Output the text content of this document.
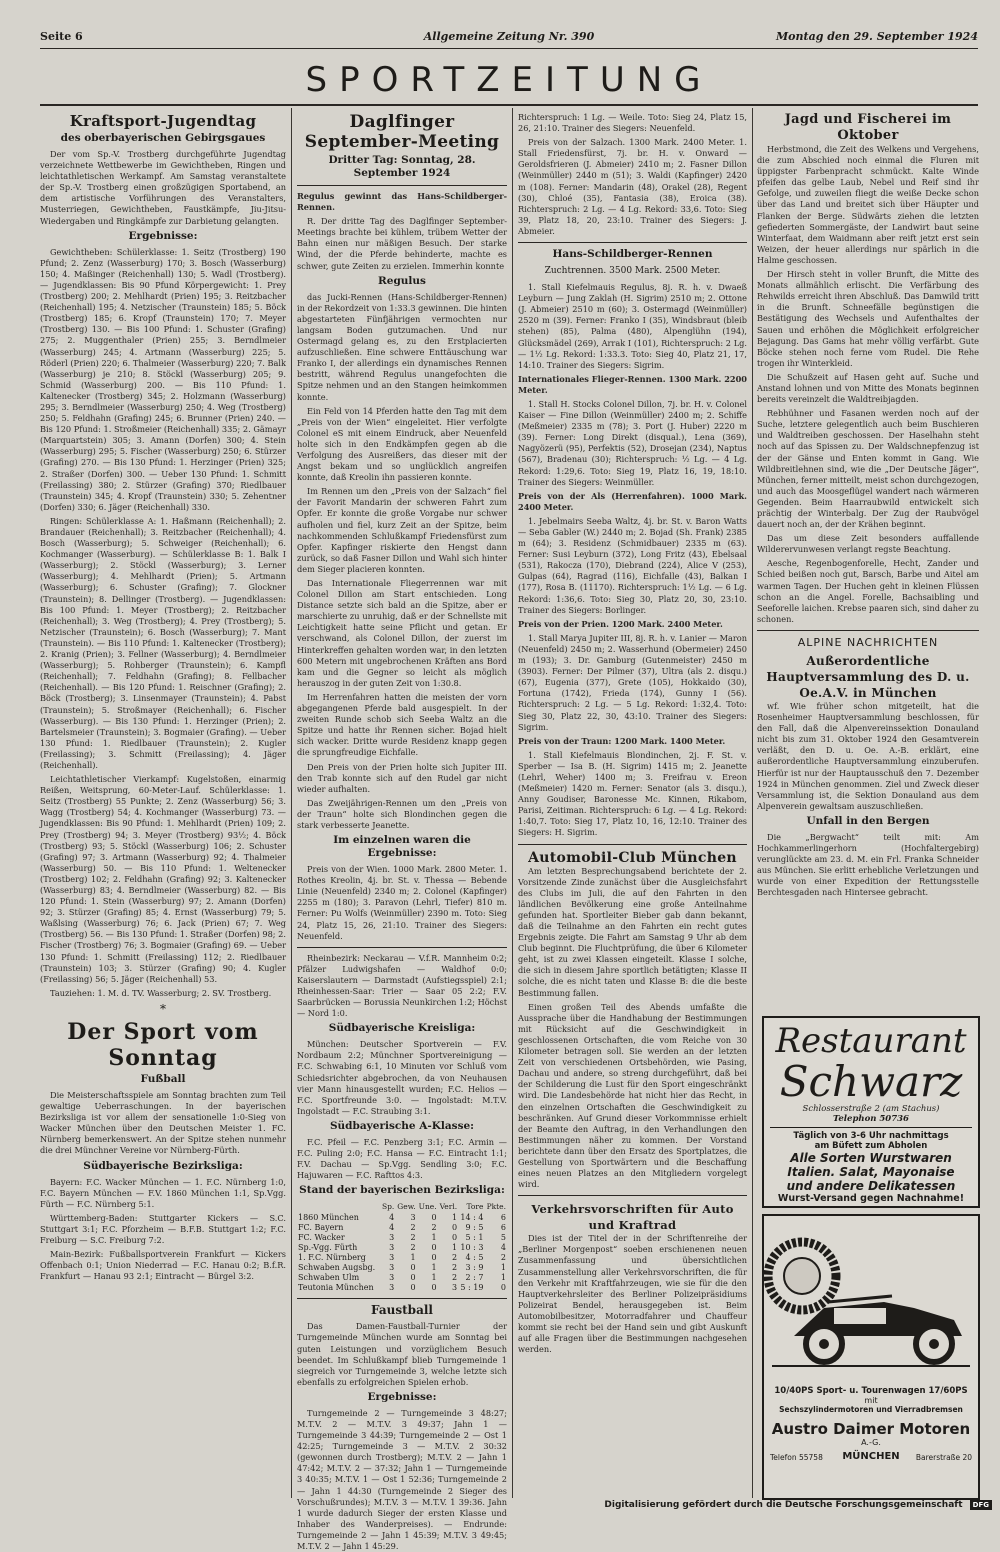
Seite 6	Allgemeine Zeitung Nr. 390	Montag den 29. September 1924
SPORTZEITUNG
Kraftsport-Jugendtag
des oberbayerischen Gebirgsgaues

Der vom Sp.-V. Trostberg durchgeführte Jugendtag verzeichnete Wettbewerbe im Gewichtheben, Ringen und leichtathletischen Werkampf. Am Samstag veranstaltete der Sp.-V. Trostberg einen großzügigen Sportabend, an dem artistische Vorführungen des Veranstalters, Musterriegen, Gewichtheben, Faustkämpfe, Jiu-Jitsu-Wiedergaben und Ringkämpfe zur Darbietung gelangten.

Ergebnisse:

Gewichtheben: Schülerklasse: 1. Seitz (Trostberg) 190 Pfund; 2. Zenz (Wasserburg) 170; 3. Bosch (Wasserburg) 150; 4. Maßinger (Reichenhall) 130; 5. Wadl (Trostberg). — Jugendklassen: Bis 90 Pfund Körpergewicht: 1. Prey (Trostberg) 200; 2. Mehlhardt (Prien) 195; 3. Reitzbacher (Reichenhall) 195; 4. Netzischer (Traunstein) 185; 5. Böck (Trostberg) 185; 6. Kropf (Traunstein) 170; 7. Meyer (Trostberg) 130. — Bis 100 Pfund: 1. Schuster (Grafing) 275; 2. Muggenthaler (Prien) 255; 3. Berndlmeier (Wasserburg) 245; 4. Artmann (Wasserburg) 225; 5. Röderl (Prien) 220; 6. Thalmeier (Wasserburg) 220; 7. Balk (Wasserburg) je 210; 8. Stöckl (Wasserburg) 205; 9. Schmid (Wasserburg) 200. — Bis 110 Pfund: 1. Kaltenecker (Trostberg) 345; 2. Holzmann (Wasserburg) 295; 3. Berndlmeier (Wasserburg) 250; 4. Weg (Trostberg) 250; 5. Feldhahn (Grafing) 245; 6. Brunner (Prien) 240. — Bis 120 Pfund: 1. Stroßmeier (Reichenhall) 335; 2. Gämayr (Marquartstein) 305; 3. Amann (Dorfen) 300; 4. Stein (Wasserburg) 295; 5. Fischer (Wasserburg) 250; 6. Stürzer (Grafing) 270. — Bis 130 Pfund: 1. Herzinger (Prien) 325; 2. Straßer (Dorfen) 300. — Ueber 130 Pfund: 1. Schmitt (Freilassing) 380; 2. Stürzer (Grafing) 370; Riedlbauer (Traunstein) 345; 4. Kropf (Traunstein) 330; 5. Zehentner (Dorfen) 330; 6. Jäger (Reichenhall) 330.

Ringen: Schülerklasse A: 1. Haßmann (Reichenhall); 2. Brandauer (Reichenhall); 3. Reitzbacher (Reichenhall); 4. Bosch (Wasserburg); 5. Schweiger (Reichenhall); 6. Kochmanger (Wasserburg). — Schülerklasse B: 1. Balk I (Wasserburg); 2. Stöckl (Wasserburg); 3. Lerner (Wasserburg); 4. Mehlhardt (Prien); 5. Artmann (Wasserburg); 6. Schuster (Grafing); 7. Glockner (Traunstein); 8. Dellinger (Trostberg). — Jugendklassen: Bis 100 Pfund: 1. Meyer (Trostberg); 2. Reitzbacher (Reichenhall); 3. Weg (Trostberg); 4. Prey (Trostberg); 5. Netzischer (Traunstein); 6. Bosch (Wasserburg); 7. Mant (Traunstein). — Bis 110 Pfund: 1. Kaltenecker (Trostberg); 2. Kranig (Prien); 3. Fellner (Wasserburg); 4. Berndlmeier (Wasserburg); 5. Rohberger (Traunstein); 6. Kampfl (Reichenhall); 7. Feldhahn (Grafing); 8. Fellbacher (Reichenhall). — Bis 120 Pfund: 1. Reischner (Grafing); 2. Böck (Trostberg); 3. Linsenmayer (Traunstein); 4. Pabst (Traunstein); 5. Stroßmayer (Reichenhall); 6. Fischer (Wasserburg). — Bis 130 Pfund: 1. Herzinger (Prien); 2. Bartelsmeier (Traunstein); 3. Bogmaier (Grafing). — Ueber 130 Pfund: 1. Riedlbauer (Traunstein); 2. Kugler (Freilassing); 3. Schmitt (Freilassing); 4. Jäger (Reichenhall).

Leichtathletischer Vierkampf: Kugelstoßen, einarmig Reißen, Weitsprung, 60-Meter-Lauf. Schülerklasse: 1. Seitz (Trostberg) 55 Punkte; 2. Zenz (Wasserburg) 56; 3. Wagg (Trostberg) 54; 4. Kochmanger (Wasserburg) 73. — Jugendklassen: Bis 90 Pfund: 1. Mehlhardt (Prien) 109; 2. Prey (Trostberg) 94; 3. Meyer (Trostberg) 93½; 4. Böck (Trostberg) 93; 5. Stöckl (Wasserburg) 106; 2. Schuster (Grafing) 97; 3. Artmann (Wasserburg) 92; 4. Thalmeier (Wasserburg) 50. — Bis 110 Pfund: 1. Weltenecker (Trostberg) 102; 2. Feldhahn (Grafing) 92; 3. Kaltenecker (Wasserburg) 83; 4. Berndlmeier (Wasserburg) 82. — Bis 120 Pfund: 1. Stein (Wasserburg) 97; 2. Amann (Dorfen) 92; 3. Stürzer (Grafing) 85; 4. Ernst (Wasserburg) 79; 5. Waßlsing (Wasserburg) 76; 6. Jack (Prien) 67; 7. Weg (Trostberg) 56. — Bis 130 Pfund: 1. Straßer (Dorfen) 98; 2. Fischer (Trostberg) 76; 3. Bogmaier (Grafing) 69. — Ueber 130 Pfund: 1. Schmitt (Freilassing) 112; 2. Riedlbauer (Traunstein) 103; 3. Stürzer (Grafing) 90; 4. Kugler (Freilassing) 56; 5. Jäger (Reichenhall) 53.

Tauziehen: 1. M. d. TV. Wasserburg; 2. SV. Trostberg.

*
Der Sport vom Sonntag
Fußball

Die Meisterschaftsspiele am Sonntag brachten zum Teil gewaltige Ueberraschungen. In der bayerischen Bezirksliga ist vor allem der sensationelle 1:0-Sieg von Wacker München über den Deutschen Meister 1. FC. Nürnberg bemerkenswert. An der Spitze stehen nunmehr die drei Münchner Vereine vor Nürnberg-Fürth.

Südbayerische Bezirksliga:

Bayern: F.C. Wacker München — 1. F.C. Nürnberg 1:0, F.C. Bayern München — F.V. 1860 München 1:1, Sp.Vgg. Fürth — F.C. Nürnberg 5:1.

Württemberg-Baden: Stuttgarter Kickers — S.C. Stuttgart 3:1; F.C. Pforzheim — B.F.B. Stuttgart 1:2; F.C. Freiburg — S.C. Freiburg 7:2.

Main-Bezirk: Fußballsportverein Frankfurt — Kickers Offenbach 0:1; Union Niederrad — F.C. Hanau 0:2; B.f.R. Frankfurt — Hanau 93 2:1; Eintracht — Bürgel 3:2.

Daglfinger September-Meeting
Dritter Tag: Sonntag, 28. September 1924

Regulus gewinnt das Hans-Schildberger-Rennen.

R. Der dritte Tag des Daglfinger September-Meetings brachte bei kühlem, trübem Wetter der Bahn einen nur mäßigen Besuch. Der starke Wind, der die Pferde behinderte, machte es schwer, gute Zeiten zu erzielen. Immerhin konnte

Regulus

das Jucki-Rennen (Hans-Schildberger-Rennen) in der Rekordzeit von 1:33.3 gewinnen. Die hinten abgestarteten Fünfjährigen vermochten nur langsam Boden gutzumachen. Und nur Ostermagd gelang es, zu den Erstplacierten aufzuschließen. Eine schwere Enttäuschung war Franko I, der allerdings ein dynamisches Rennen bestritt, während Regulus unangefochten die Spitze nehmen und an den Stangen heimkommen konnte.

Ein Feld von 14 Pferden hatte den Tag mit dem „Preis von der Wien“ eingeleitet. Hier verfolgte Colonel eS mit einem Eindruck, aber Neuenfeld holte sich in den Endkämpfen gegen ab die Verfolgung des Ausreißers, das dieser mit der Angst bekam und so unglücklich angreifen konnte, daß Kreolin ihn passieren konnte.

Im Rennen um den „Preis von der Salzach“ fiel der Favorit Mandarin der schweren Fahrt zum Opfer. Er konnte die große Vorgabe nur schwer aufholen und fiel, kurz Zeit an der Spitze, beim nachkommenden Schlußkampf Friedensfürst zum Opfer. Kapfinger riskierte den Hengst dann zurück, so daß Fasner Dillon und Wahl sich hinter dem Sieger placieren konnten.

Das Internationale Fliegerrennen war mit Colonel Dillon am Start entschieden. Long Distance setzte sich bald an die Spitze, aber er marschierte zu unruhig, daß er der Schnellste mit Leichtigkeit hatte seine Pflicht und getan. Er verschwand, als Colonel Dillon, der zuerst im Hinterkreffen gehalten worden war, in den letzten 600 Metern mit ungebrochenen Kräften ans Bord kam und die Gegner so leicht als möglich herauszog in der guten Zeit von 1:30.8.

Im Herrenfahren hatten die meisten der vorn abgegangenen Pferde bald ausgespielt. In der zweiten Runde schob sich Seeba Waltz an die Spitze und hatte ihr Rennen sicher. Bojad hielt sich wacker. Dritte wurde Residenz knapp gegen die sprungfreudige Eichfalle.

Den Preis von der Prien holte sich Jupiter III. den Trab konnte sich auf den Rudel gar nicht wieder aufhalten.

Das Zweijährigen-Rennen um den „Preis von der Traun“ holte sich Blondinchen gegen die stark verbesserte Jeanette.

Im einzelnen waren die Ergebnisse:

Preis von der Wien. 1000 Mark. 2800 Meter. 1. Rothes Kreolin, 4j. br. St. v. Thessa — Bebende Linie (Neuenfeld) 2340 m; 2. Colonel (Kapfinger) 2255 m (180); 3. Paravon (Lehrl, Tiefer) 810 m. Ferner: Pu Wolfs (Weinmüller) 2390 m. Toto: Sieg 24, Platz 15, 26, 21:10. Trainer des Siegers: Neuenfeld.

Rheinbezirk: Neckarau — V.f.R. Mannheim 0:2; Pfälzer Ludwigshafen — Waldhof 0:0; Kaiserslautern — Darmstadt (Aufstiegsspiel) 2:1; Rheinhessen-Saar: Trier — Saar 05 2:2; F.V. Saarbrücken — Borussia Neunkirchen 1:2; Höchst — Nord 1:0.

Südbayerische Kreisliga:

München: Deutscher Sportverein — F.V. Nordbaum 2:2; Münchner Sportvereinigung — F.C. Schwabing 6:1, 10 Minuten vor Schluß vom Schiedsrichter abgebrochen, da von Neuhausen vier Mann hinausgestellt wurden; F.C. Helios — F.C. Sportfreunde 3:0. — Ingolstadt: M.T.V. Ingolstadt — F.C. Straubing 3:1.

Südbayerische A-Klasse:

F.C. Pfeil — F.C. Penzberg 3:1; F.C. Armin — F.C. Puling 2:0; F.C. Hansa — F.C. Eintracht 1:1; F.V. Dachau — Sp.Vgg. Sendling 3:0; F.C. Hajuwaren — F.C. Rafttos 4:3.

Stand der bayerischen Bezirksliga:
	Sp.	Gew.	Une.	Verl.	Tore	Pkte.
1860 München	4	3	0	1	14 : 4	6
FC. Bayern	4	2	2	0	9 : 5	6
FC. Wacker	3	2	1	0	5 : 1	5
Sp.-Vgg. Fürth	3	2	0	1	10 : 3	4
1. F.C. Nürnberg	3	1	0	2	4 : 5	2
Schwaben Augsbg.	3	0	1	2	3 : 9	1
Schwaben Ulm	3	0	1	2	2 : 7	1
Teutonia München	3	0	0	3	5 : 19	0
Faustball

Das Damen-Faustball-Turnier der Turngemeinde München wurde am Sonntag bei guten Leistungen und vorzüglichem Besuch beendet. Im Schlußkampf blieb Turngemeinde 1 siegreich vor Turngemeinde 3, welche letzte sich ebenfalls zu erfolgreichen Spielen erhob.

Ergebnisse:

Turngemeinde 2 — Turngemeinde 3 48:27; M.T.V. 2 — M.T.V. 3 49:37; Jahn 1 — Turngemeinde 3 44:39; Turngemeinde 2 — Ost 1 42:25; Turngemeinde 3 — M.T.V. 2 30:32 (gewonnen durch Trostberg); M.T.V. 2 — Jahn 1 47:42; M.T.V. 2 — 37:32; Jahn 1 — Turngemeinde 3 40:35; M.T.V. 1 — Ost 1 52:36; Turngemeinde 2 — Jahn 1 44:30 (Turngemeinde 2 Sieger des Vorschußrundes); M.T.V. 3 — M.T.V. 1 39:36. Jahn 1 wurde dadurch Sieger der ersten Klasse und Inhaber des Wanderpreises). — Endrunde: Turngemeinde 2 — Jahn 1 45:39; M.T.V. 3 49:45; M.T.V. 2 — Jahn 1 45:29.

Richterspruch: 1 Lg. — Weile. Toto: Sieg 24, Platz 15, 26, 21:10. Trainer des Siegers: Neuenfeld.

Preis von der Salzach. 1300 Mark. 2400 Meter. 1. Stall Friedensfürst, 7j. br. H. v. Onward — Geroldsfrieren (J. Abmeier) 2410 m; 2. Fasner Dillon (Weinmüller) 2440 m (51); 3. Waldi (Kapfinger) 2420 m (108). Ferner: Mandarin (48), Orakel (28), Regent (30), Chloé (35), Fantasia (38), Eroica (38). Richterspruch: 2 Lg. — 4 Lg. Rekord: 33,6. Toto: Sieg 39, Platz 18, 20, 23:10. Trainer des Siegers: J. Abmeier.

Hans-Schildberger-Rennen
Zuchtrennen. 3500 Mark. 2500 Meter.

1. Stall Kiefelmauis Regulus, 8j. R. h. v. Dwaeß Leyburn — Jung Zaklah (H. Sigrim) 2510 m; 2. Ottone (J. Abmeier) 2510 m (60); 3. Ostermagd (Weinmüller) 2520 m (39). Ferner: Franko I (35), Windsbraut (bleib stehen) (85), Palma (480), Alpenglühn (194), Glücksmädel (269), Arrak I (101), Richterspruch: 2 Lg. — 1½ Lg. Rekord: 1:33.3. Toto: Sieg 40, Platz 21, 17, 14:10. Trainer des Siegers: Sigrim.

Internationales Flieger-Rennen. 1300 Mark. 2200 Meter.

1. Stall H. Stocks Colonel Dillon, 7j. br. H. v. Colonel Kaiser — Fine Dillon (Weinmüller) 2400 m; 2. Schiffe (Meßmeier) 2335 m (78); 3. Port (J. Huber) 2220 m (39). Ferner: Long Direkt (disqual.), Lena (369), Nagyözerü (95), Perfektis (52), Drosejan (234), Naptus (567), Bradenau (30); Richterspruch: ½ Lg. — 4 Lg. Rekord: 1:29,6. Toto: Sieg 19, Platz 16, 19, 18:10. Trainer des Siegers: Weinmüller.

Preis von der Als (Herrenfahren). 1000 Mark. 2400 Meter.

1. Jebelmairs Seeba Waltz, 4j. br. St. v. Baron Watts — Seba Gabler (W.) 2440 m; 2. Bojad (Sh. Frank) 2385 m (64); 3. Residenz (Schmidbauer) 2335 m (63). Ferner: Susi Leyburn (372), Long Fritz (43), Ebelsaal (531), Rakocza (170), Diebrand (224), Alice V (253), Gulpas (64), Ragrad (116), Eichfalle (43), Balkan I (177), Rosa B. (11170). Richterspruch: 1½ Lg. — 6 Lg. Rekord: 1:36,6. Toto: Sieg 30, Platz 20, 30, 23:10. Trainer des Siegers: Borlinger.

Preis von der Prien. 1200 Mark. 2400 Meter.

1. Stall Marya Jupiter III, 8j. R. h. v. Lanier — Maron (Neuenfeld) 2450 m; 2. Wasserhund (Obermeier) 2450 m (193); 3. Dr. Gamburg (Gutenmeister) 2450 m (3903). Ferner: Der Pilmer (37), Ultra (als 2. disqu.) (67), Eugenia (377), Grete (105), Hokkaido (30), Fortuna (1742), Frieda (174), Gunny I (56). Richterspruch: 2 Lg. — 5 Lg. Rekord: 1:32,4. Toto: Sieg 30, Platz 22, 30, 43:10. Trainer des Siegers: Sigrim.

Preis von der Traun: 1200 Mark. 1400 Meter.

1. Stall Kiefelmauis Blondinchen, 2j. F. St. v. Sperber — Isa B. (H. Sigrim) 1415 m; 2. Jeanette (Lehrl, Weher) 1400 m; 3. Freifrau v. Ereon (Meßmeier) 1420 m. Ferner: Senator (als 3. disqu.), Anny Goudiser, Baronesse Mc. Kinnen, Rikabom, Parisi, Zeitiman. Richterspruch: 6 Lg. — 4 Lg. Rekord: 1:40,7. Toto: Sieg 17, Platz 10, 16, 12:10. Trainer des Siegers: H. Sigrim.

Automobil-Club München

Am letzten Besprechungsabend berichtete der 2. Vorsitzende Zinde zunächst über die Ausgleichsfahrt des Clubs im Juli, die auf den Fahrten in den ländlichen Bevölkerung eine große Anteilnahme gefunden hat. Sportleiter Bieber gab dann bekannt, daß die Teilnahme an den Fahrten ein recht gutes Ergebnis zeigte. Die Fahrt am Samstag 9 Uhr ab dem Club beginnt. Die Fluchtprüfung, die über 6 Kilometer geht, ist zu zwei Klassen eingeteilt. Klasse I solche, die sich in diesem Jahre sportlich betätigten; Klasse II solche, die es nicht taten und Klasse B: die die beste Bestimmung fallen.

Einen großen Teil des Abends umfaßte die Aussprache über die Handhabung der Bestimmungen mit Rücksicht auf die Geschwindigkeit in geschlossenen Ortschaften, die vom Reiche von 30 Kilometer betragen soll. Sie werden an der letzten Zeit von verschiedenen Ortsbehörden, wie Pasing, Dachau und andere, so streng durchgeführt, daß bei der Schilderung die Lust für den Sport eingeschränkt wird. Die Landesbehörde hat nicht hier das Recht, in den einzelnen Ortschaften die Geschwindigkeit zu beschränken. Auf Grund dieser Vorkommnisse erhielt der Beamte den Auftrag, in den Verhandlungen den Bestimmungen näher zu kommen. Der Vorstand berichtete dann über den Ersatz des Sportplatzes, die Gestellung von Sportwärtern und die Beschaffung eines neuen Platzes an den Mitgliedern vorgelegt wird.

Verkehrsvorschriften für Auto und Kraftrad

Dies ist der Titel der in der Schriftenreihe der „Berliner Morgenpost“ soeben erschienenen neuen Zusammenfassung und übersichtlichen Zusammenstellung aller Verkehrsvorschriften, die für den Verkehr mit Kraftfahrzeugen, wie sie für die den Hauptverkehrsleiter des Berliner Polizeipräsidiums Polizeirat Bendel, herausgegeben ist. Beim Automobilbesitzer, Motorradfahrer und Chauffeur kommt sie recht bei der Hand sein und gibt Auskunft auf alle Fragen über die Bestimmungen nachgesehen werden.

Jagd und Fischerei im Oktober

Herbstmond, die Zeit des Welkens und Vergehens, die zum Abschied noch einmal die Fluren mit üppigster Farbenpracht schmückt. Kalte Winde pfeifen das gelbe Laub, Nebel und Reif sind ihr Gefolge, und zuweilen fliegt die weiße Decke schon über das Land und breitet sich über Häupter und Flanken der Berge. Südwärts ziehen die letzten gefiederten Sommergäste, der Landwirt baut seine Winterfaat, dem Waidmann aber reift jetzt erst sein Weizen, der heuer allerdings nur spärlich in die Halme geschossen.

Der Hirsch steht in voller Brunft, die Mitte des Monats allmählich erlischt. Die Verfärbung des Rehwilds erreicht ihren Abschluß. Das Damwild tritt in die Brunft. Schneefälle begünstigen die Bestätigung des Wechsels und Aufenthaltes der Sauen und erhöhen die Möglichkeit erfolgreicher Bejagung. Das Gams hat mehr völlig verfärbt. Gute Böcke stehen noch ferne vom Rudel. Die Rehe trogen ihr Winterkleid.

Die Schußzeit auf Hasen geht auf. Suche und Anstand lohnen und von Mitte des Monats beginnen bereits vereinzelt die Waldtreibjagden.

Rebhühner und Fasanen werden noch auf der Suche, letztere gelegentlich auch beim Buschieren und Waldtreiben geschossen. Der Haselhahn steht noch auf das Spissen zu. Der Waldschnepfenzug ist der der Gänse und Enten kommt in Gang. Wie Wildbreitlehnen sind, wie die „Der Deutsche Jäger“, München, ferner mitteilt, meist schon durchgezogen, und auch das Moosgeflügel wandert nach wärmeren Gegenden. Beim Haarraubwild entwickelt sich prächtig der Winterbalg. Der Zug der Raubvögel dauert noch an, der der Krähen beginnt.

Das um diese Zeit besonders auffallende Wilderervunwesen verlangt regste Beachtung.

Aesche, Regenbogenforelle, Hecht, Zander und Schied beißen noch gut, Barsch, Barbe und Aitel am warmen Tagen. Der Huchen geht in kleinen Flüssen schon an die Angel. Forelle, Bachsaibling und Seeforelle laichen. Krebse paaren sich, sind daher zu schonen.

ALPINE NACHRICHTEN
Außerordentliche Hauptversammlung des D. u. Oe.A.V. in München

wf. Wie früher schon mitgeteilt, hat die Rosenheimer Hauptversammlung beschlossen, für den Fall, daß die Alpenvereinssektion Donauland nicht bis zum 31. Oktober 1924 den Gesamtverein verläßt, den D. u. Oe. A.-B. erklärt, eine außerordentliche Hauptversammlung einzuberufen. Hierfür ist nur der Hauptausschuß den 7. Dezember 1924 in München genommen. Ziel und Zweck dieser Versammlung ist, die Sektion Donauland aus dem Alpenverein gewaltsam auszuschließen.

Unfall in den Bergen

Die „Bergwacht“ teilt mit: Am Hochkammerlingerhorn (Hochfaltergebirg) verunglückte am 23. d. M. ein Frl. Franka Schneider aus München. Sie erlitt erhebliche Verletzungen und wurde von einer Expedition der Rettungsstelle Berchtesgaden nach Hintersee gebracht.

Restaurant
Schwarz
Schlosserstraße 2 (am Stachus)
Telephon 50736
Täglich von 3-6 Uhr nachmittags
am Büfett zum Abholen
Alle Sorten Wurstwaren
Italien. Salat, Mayonaise
und andere Delikatessen
Wurst-Versand gegen Nachnahme!
10/40PS Sport- u. Tourenwagen 17/60PS
mit
Sechszylindermotoren und Vierradbremsen
Austro Daimer Motoren
A.-G.
Telefon 55758	MÜNCHEN	Barerstraße 20
Digitalisierung gefördert durch die Deutsche Forschungsgemeinschaft DFG
